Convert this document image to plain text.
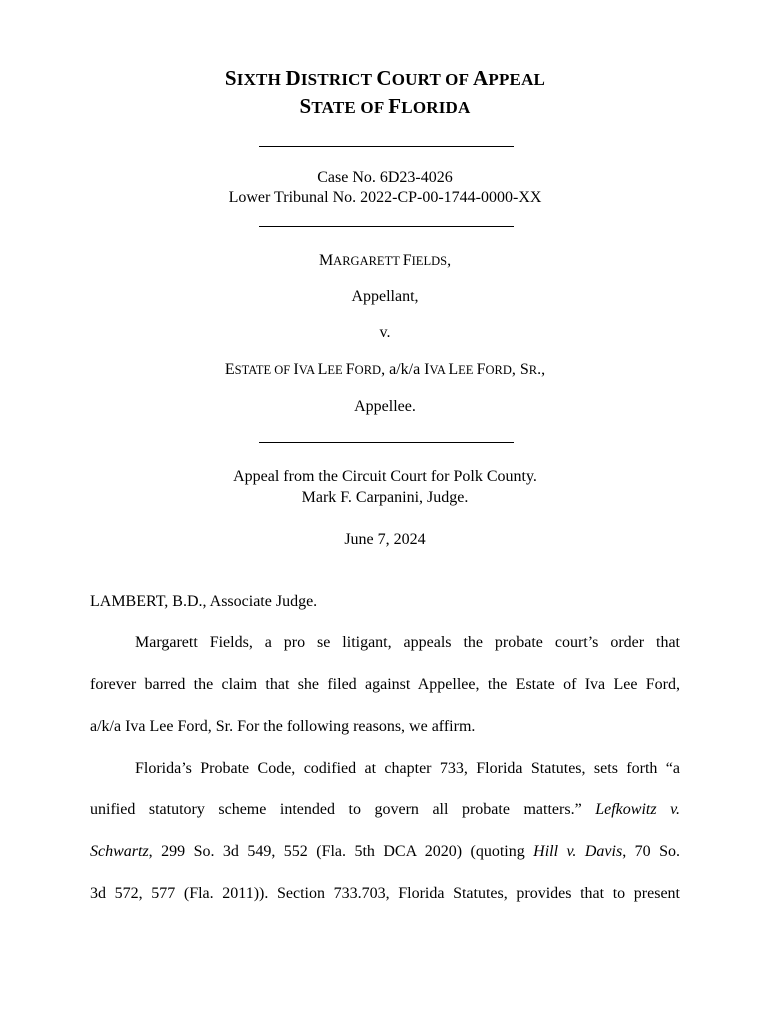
SIXTH DISTRICT COURT OF APPEAL
STATE OF FLORIDA
Case No. 6D23-4026
Lower Tribunal No. 2022-CP-00-1744-0000-XX
MARGARETT FIELDS,
Appellant,
v.
ESTATE OF IVA LEE FORD, a/k/a IVA LEE FORD, SR.,
Appellee.
Appeal from the Circuit Court for Polk County.
Mark F. Carpanini, Judge.
June 7, 2024
LAMBERT, B.D., Associate Judge.
Margarett Fields, a pro se litigant, appeals the probate court’s order that
forever barred the claim that she filed against Appellee, the Estate of Iva Lee Ford,
a/k/a Iva Lee Ford, Sr. For the following reasons, we affirm.
Florida’s Probate Code, codified at chapter 733, Florida Statutes, sets forth “a
unified statutory scheme intended to govern all probate matters.” Lefkowitz v.
Schwartz, 299 So. 3d 549, 552 (Fla. 5th DCA 2020) (quoting Hill v. Davis, 70 So.
3d 572, 577 (Fla. 2011)). Section 733.703, Florida Statutes, provides that to present
